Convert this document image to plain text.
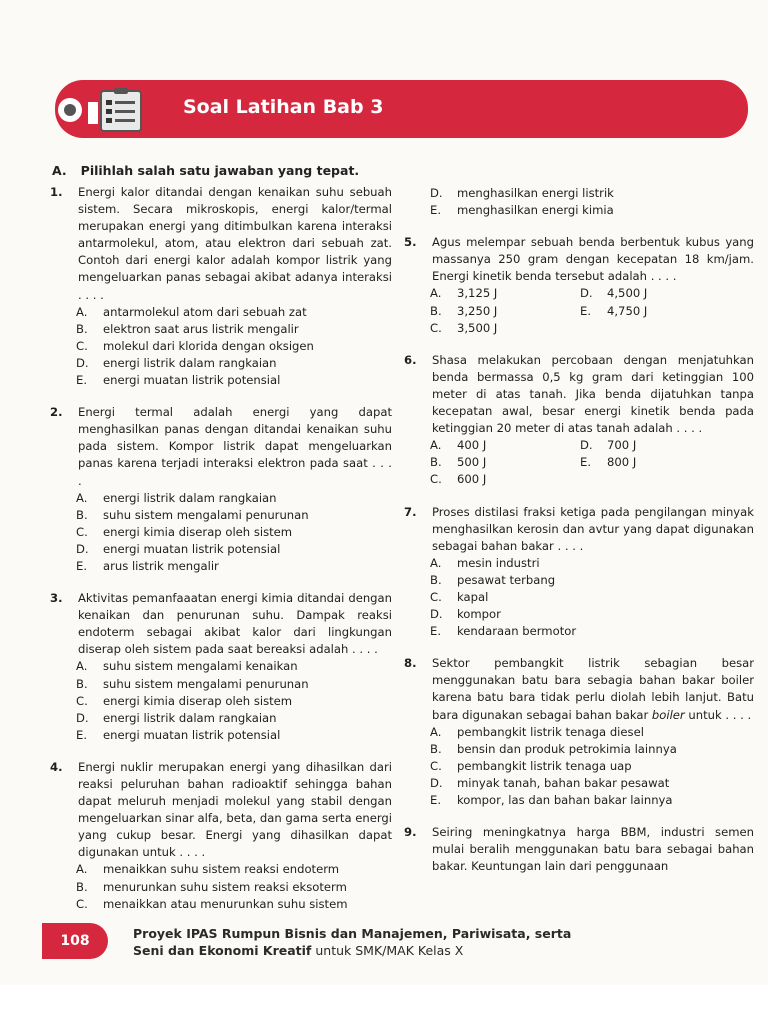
Soal Latihan Bab 3
A. Pilihlah salah satu jawaban yang tepat.
1.	Energi kalor ditandai dengan kenaikan suhu sebuah sistem. Secara mikroskopis, energi kalor/termal merupakan energi yang ditimbulkan karena interaksi antarmolekul, atom, atau elektron dari sebuah zat. Contoh dari energi kalor adalah kompor listrik yang mengeluarkan panas sebagai akibat adanya interaksi . . . .
A.	antarmolekul atom dari sebuah zat
B.	elektron saat arus listrik mengalir
C.	molekul dari klorida dengan oksigen
D.	energi listrik dalam rangkaian
E.	energi muatan listrik potensial
2.	Energi termal adalah energi yang dapat menghasilkan panas dengan ditandai kenaikan suhu pada sistem. Kompor listrik dapat mengeluarkan panas karena terjadi interaksi elektron pada saat . . . .
A.	energi listrik dalam rangkaian
B.	suhu sistem mengalami penurunan
C.	energi kimia diserap oleh sistem
D.	energi muatan listrik potensial
E.	arus listrik mengalir
3.	Aktivitas pemanfaaatan energi kimia ditandai dengan kenaikan dan penurunan suhu. Dampak reaksi endoterm sebagai akibat kalor dari lingkungan diserap oleh sistem pada saat bereaksi adalah . . . .
A.	suhu sistem mengalami kenaikan
B.	suhu sistem mengalami penurunan
C.	energi kimia diserap oleh sistem
D.	energi listrik dalam rangkaian
E.	energi muatan listrik potensial
4.	Energi nuklir merupakan energi yang dihasilkan dari reaksi peluruhan bahan radioaktif sehingga bahan dapat meluruh menjadi molekul yang stabil dengan mengeluarkan sinar alfa, beta, dan gama serta energi yang cukup besar. Energi yang dihasilkan dapat digunakan untuk . . . .
A.	menaikkan suhu sistem reaksi endoterm
B.	menurunkan suhu sistem reaksi eksoterm
C.	menaikkan atau menurunkan suhu sistem
D.	menghasilkan energi listrik
E.	menghasilkan energi kimia
5.	Agus melempar sebuah benda berbentuk kubus yang massanya 250 gram dengan kecepatan 18 km/jam. Energi kinetik benda tersebut adalah . . . .
A.	3,125 J	D.	4,500 J
B.	3,250 J	E.	4,750 J
C.	3,500 J
6.	Shasa melakukan percobaan dengan menjatuhkan benda bermassa 0,5 kg gram dari ketinggian 100 meter di atas tanah. Jika benda dijatuhkan tanpa kecepatan awal, besar energi kinetik benda pada ketinggian 20 meter di atas tanah adalah . . . .
A.	400 J	D.	700 J
B.	500 J	E.	800 J
C.	600 J
7.	Proses distilasi fraksi ketiga pada pengilangan minyak menghasilkan kerosin dan avtur yang dapat digunakan sebagai bahan bakar . . . .
A.	mesin industri
B.	pesawat terbang
C.	kapal
D.	kompor
E.	kendaraan bermotor
8.	Sektor pembangkit listrik sebagian besar menggunakan batu bara sebagia bahan bakar boiler karena batu bara tidak perlu diolah lebih lanjut. Batu bara digunakan sebagai bahan bakar boiler untuk . . . .
A.	pembangkit listrik tenaga diesel
B.	bensin dan produk petrokimia lainnya
C.	pembangkit listrik tenaga uap
D.	minyak tanah, bahan bakar pesawat
E.	kompor, las dan bahan bakar lainnya
9.	Seiring meningkatnya harga BBM, industri semen mulai beralih menggunakan batu bara sebagai bahan bakar. Keuntungan lain dari penggunaan
108	Proyek IPAS Rumpun Bisnis dan Manajemen, Pariwisata, serta
Seni dan Ekonomi Kreatif untuk SMK/MAK Kelas X
